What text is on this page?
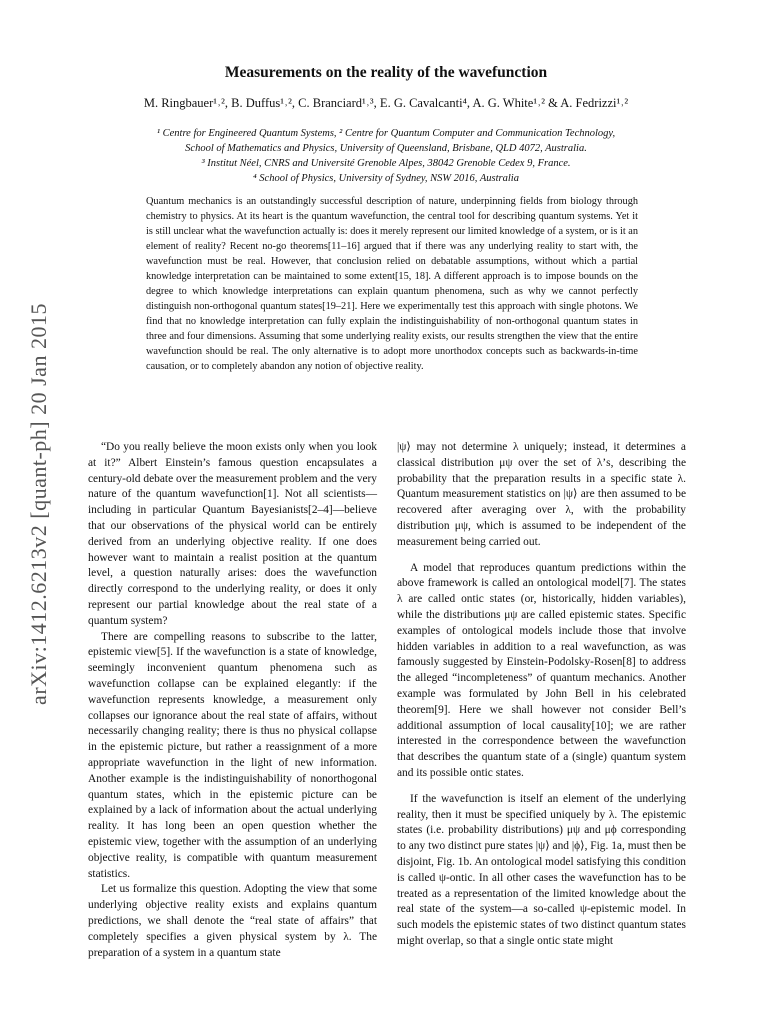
arXiv:1412.6213v2 [quant-ph] 20 Jan 2015
Measurements on the reality of the wavefunction
M. Ringbauer¹˒², B. Duffus¹˒², C. Branciard¹˒³, E. G. Cavalcanti⁴, A. G. White¹˒² & A. Fedrizzi¹˒²
¹ Centre for Engineered Quantum Systems, ² Centre for Quantum Computer and Communication Technology,
School of Mathematics and Physics, University of Queensland, Brisbane, QLD 4072, Australia.
³ Institut Néel, CNRS and Université Grenoble Alpes, 38042 Grenoble Cedex 9, France.
⁴ School of Physics, University of Sydney, NSW 2016, Australia
Quantum mechanics is an outstandingly successful description of nature, underpinning fields from biology through chemistry to physics. At its heart is the quantum wavefunction, the central tool for describing quantum systems. Yet it is still unclear what the wavefunction actually is: does it merely represent our limited knowledge of a system, or is it an element of reality? Recent no-go theorems[11–16] argued that if there was any underlying reality to start with, the wavefunction must be real. However, that conclusion relied on debatable assumptions, without which a partial knowledge interpretation can be maintained to some extent[15, 18]. A different approach is to impose bounds on the degree to which knowledge interpretations can explain quantum phenomena, such as why we cannot perfectly distinguish non-orthogonal quantum states[19–21]. Here we experimentally test this approach with single photons. We find that no knowledge interpretation can fully explain the indistinguishability of non-orthogonal quantum states in three and four dimensions. Assuming that some underlying reality exists, our results strengthen the view that the entire wavefunction should be real. The only alternative is to adopt more unorthodox concepts such as backwards-in-time causation, or to completely abandon any notion of objective reality.

“Do you really believe the moon exists only when you look at it?” Albert Einstein’s famous question encapsulates a century-old debate over the measurement problem and the very nature of the quantum wavefunction[1]. Not all scientists—including in particular Quantum Bayesianists[2–4]—believe that our observations of the physical world can be entirely derived from an underlying objective reality. If one does however want to maintain a realist position at the quantum level, a question naturally arises: does the wavefunction directly correspond to the underlying reality, or does it only represent our partial knowledge about the real state of a quantum system?

There are compelling reasons to subscribe to the latter, epistemic view[5]. If the wavefunction is a state of knowledge, seemingly inconvenient quantum phenomena such as wavefunction collapse can be explained elegantly: if the wavefunction represents knowledge, a measurement only collapses our ignorance about the real state of affairs, without necessarily changing reality; there is thus no physical collapse in the epistemic picture, but rather a reassignment of a more appropriate wavefunction in the light of new information. Another example is the indistinguishability of nonorthogonal quantum states, which in the epistemic picture can be explained by a lack of information about the actual underlying reality. It has long been an open question whether the epistemic view, together with the assumption of an underlying objective reality, is compatible with quantum measurement statistics.

Let us formalize this question. Adopting the view that some underlying objective reality exists and explains quantum predictions, we shall denote the “real state of affairs” that completely specifies a given physical system by λ. The preparation of a system in a quantum state

|ψ⟩ may not determine λ uniquely; instead, it determines a classical distribution μψ over the set of λ’s, describing the probability that the preparation results in a specific state λ. Quantum measurement statistics on |ψ⟩ are then assumed to be recovered after averaging over λ, with the probability distribution μψ, which is assumed to be independent of the measurement being carried out.

A model that reproduces quantum predictions within the above framework is called an ontological model[7]. The states λ are called ontic states (or, historically, hidden variables), while the distributions μψ are called epistemic states. Specific examples of ontological models include those that involve hidden variables in addition to a real wavefunction, as was famously suggested by Einstein-Podolsky-Rosen[8] to address the alleged “incompleteness” of quantum mechanics. Another example was formulated by John Bell in his celebrated theorem[9]. Here we shall however not consider Bell’s additional assumption of local causality[10]; we are rather interested in the correspondence between the wavefunction that describes the quantum state of a (single) quantum system and its possible ontic states.

If the wavefunction is itself an element of the underlying reality, then it must be specified uniquely by λ. The epistemic states (i.e. probability distributions) μψ and μϕ corresponding to any two distinct pure states |ψ⟩ and |ϕ⟩, Fig. 1a, must then be disjoint, Fig. 1b. An ontological model satisfying this condition is called ψ-ontic. In all other cases the wavefunction has to be treated as a representation of the limited knowledge about the real state of the system—a so-called ψ-epistemic model. In such models the epistemic states of two distinct quantum states might overlap, so that a single ontic state might
